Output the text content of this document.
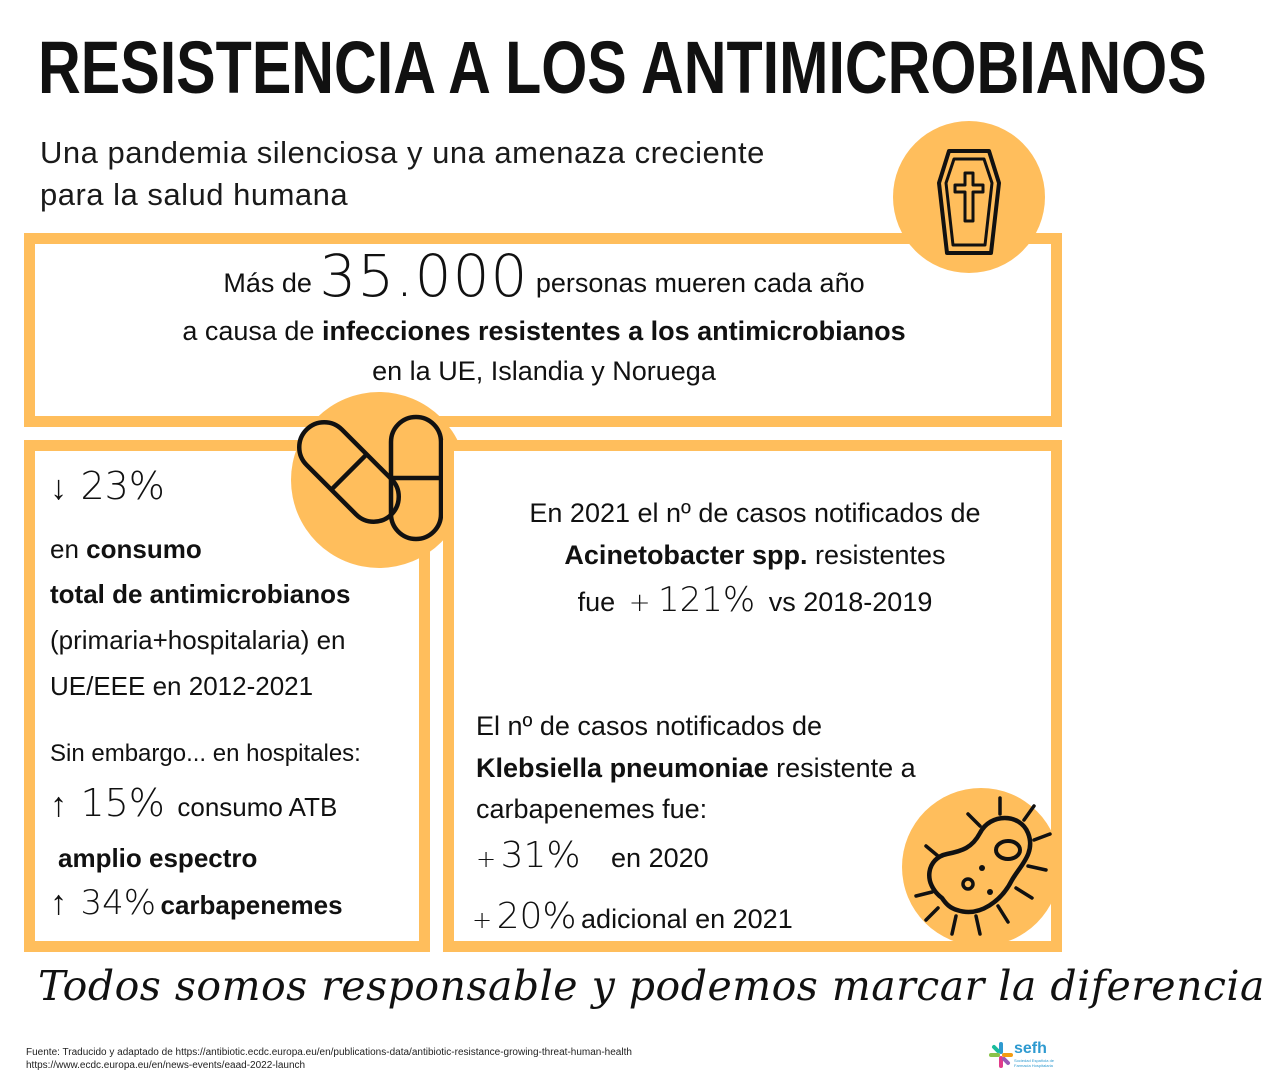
RESISTENCIA A LOS ANTIMICROBIANOS
Una pandemia silenciosa y una amenaza creciente
para la salud humana
Más de 35.000 personas mueren cada año
a causa de infecciones resistentes a los antimicrobianos
en la UE, Islandia y Noruega
↓ 23%
en consumo
total de antimicrobianos
(primaria+hospitalaria) en
UE/EEE en 2012-2021
Sin embargo... en hospitales:
↑ 15% consumo ATB
amplio espectro
↑ 34% carbapenemes
En 2021 el nº de casos notificados de
Acinetobacter spp. resistentes
fue + 121% vs 2018-2019
El nº de casos notificados de
Klebsiella pneumoniae resistente a
carbapenemes fue:
+ 31% en 2020
+ 20% adicional en 2021
Todos somos responsable y podemos marcar la diferencia
Fuente: Traducido y adaptado de https://antibiotic.ecdc.europa.eu/en/publications-data/antibiotic-resistance-growing-threat-human-health
https://www.ecdc.europa.eu/en/news-events/eaad-2022-launch
sefh
Sociedad Española de Farmacia Hospitalaria
